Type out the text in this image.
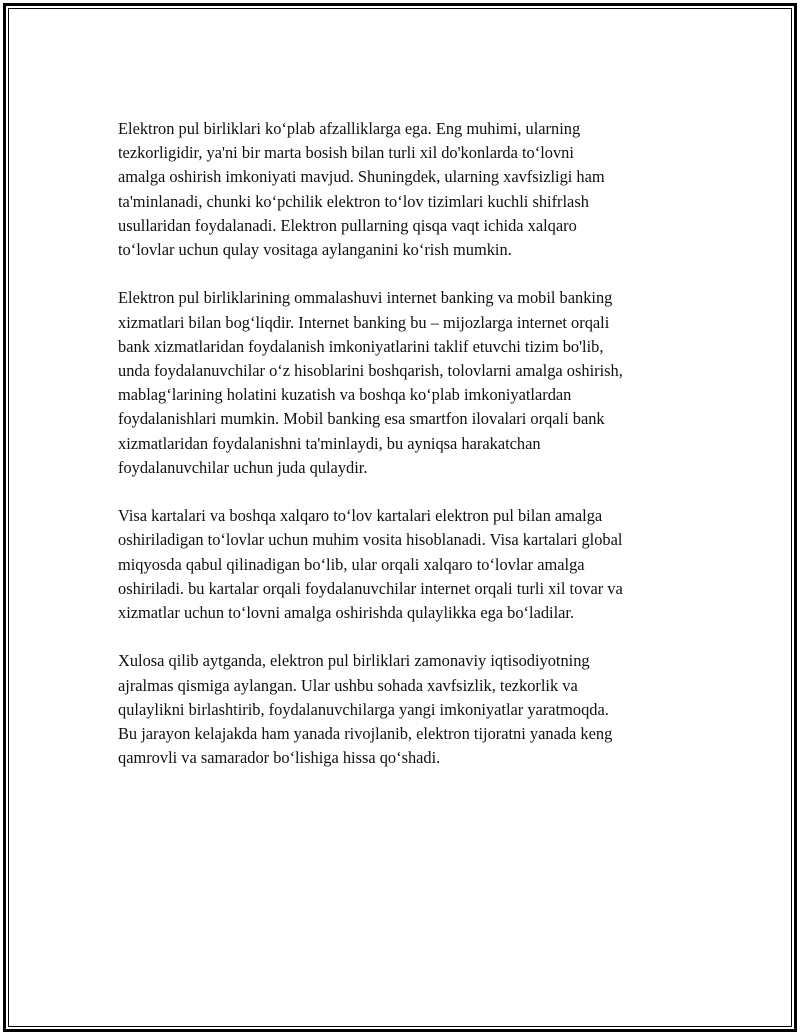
Elektron pul birliklari koʻplab afzalliklarga ega. Eng muhimi, ularning
tezkorligidir, ya'ni bir marta bosish bilan turli xil do'konlarda toʻlovni
amalga oshirish imkoniyati mavjud. Shuningdek, ularning xavfsizligi ham
ta'minlanadi, chunki koʻpchilik elektron toʻlov tizimlari kuchli shifrlash
usullaridan foydalanadi. Elektron pullarning qisqa vaqt ichida xalqaro
toʻlovlar uchun qulay vositaga aylanganini koʻrish mumkin.

Elektron pul birliklarining ommalashuvi internet banking va mobil banking
xizmatlari bilan bogʻliqdir. Internet banking bu – mijozlarga internet orqali
bank xizmatlaridan foydalanish imkoniyatlarini taklif etuvchi tizim bo'lib,
unda foydalanuvchilar oʻz hisoblarini boshqarish, tolovlarni amalga oshirish,
mablagʻlarining holatini kuzatish va boshqa koʻplab imkoniyatlardan
foydalanishlari mumkin. Mobil banking esa smartfon ilovalari orqali bank
xizmatlaridan foydalanishni ta'minlaydi, bu ayniqsa harakatchan
foydalanuvchilar uchun juda qulaydir.

Visa kartalari va boshqa xalqaro toʻlov kartalari elektron pul bilan amalga
oshiriladigan toʻlovlar uchun muhim vosita hisoblanadi. Visa kartalari global
miqyosda qabul qilinadigan boʻlib, ular orqali xalqaro toʻlovlar amalga
oshiriladi. bu kartalar orqali foydalanuvchilar internet orqali turli xil tovar va
xizmatlar uchun toʻlovni amalga oshirishda qulaylikka ega boʻladilar.

Xulosa qilib aytganda, elektron pul birliklari zamonaviy iqtisodiyotning
ajralmas qismiga aylangan. Ular ushbu sohada xavfsizlik, tezkorlik va
qulaylikni birlashtirib, foydalanuvchilarga yangi imkoniyatlar yaratmoqda.
Bu jarayon kelajakda ham yanada rivojlanib, elektron tijoratni yanada keng
qamrovli va samarador boʻlishiga hissa qoʻshadi.
